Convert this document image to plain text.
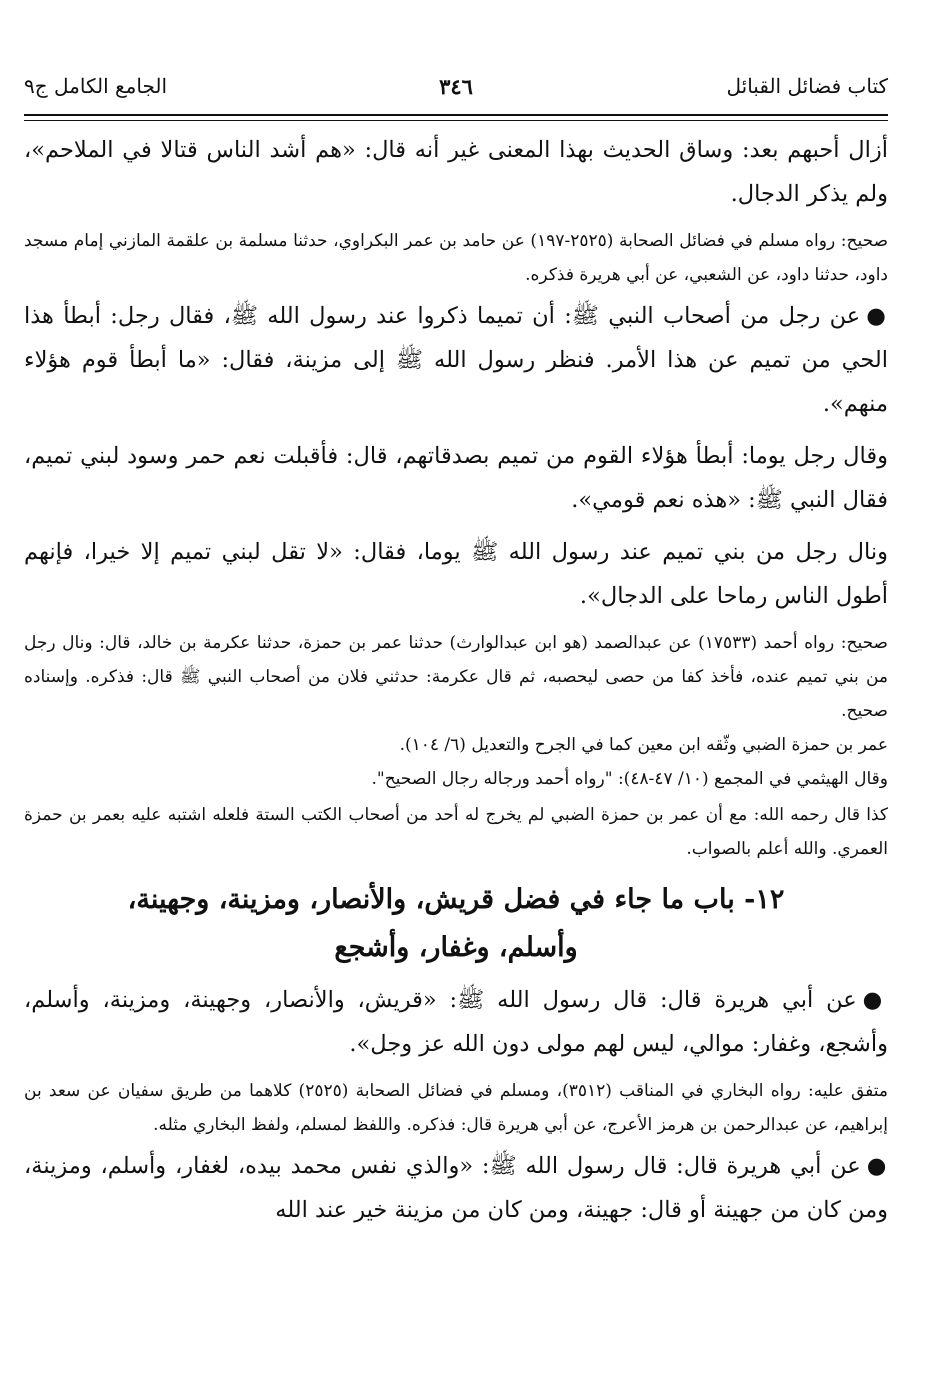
كتاب فضائل القبائل
٣٤٦
الجامع الكامل ج٩

أزال أحبهم بعد: وساق الحديث بهذا المعنى غير أنه قال: «هم أشد الناس قتالا في الملاحم»، ولم يذكر الدجال.

صحيح: رواه مسلم في فضائل الصحابة (٢٥٢٥-١٩٧) عن حامد بن عمر البكراوي، حدثنا مسلمة بن علقمة المازني إمام مسجد داود، حدثنا داود، عن الشعبي، عن أبي هريرة فذكره.

●عن رجل من أصحاب النبي ﷺ: أن تميما ذكروا عند رسول الله ﷺ، فقال رجل: أبطأ هذا الحي من تميم عن هذا الأمر. فنظر رسول الله ﷺ إلى مزينة، فقال: «ما أبطأ قوم هؤلاء منهم».

وقال رجل يوما: أبطأ هؤلاء القوم من تميم بصدقاتهم، قال: فأقبلت نعم حمر وسود لبني تميم، فقال النبي ﷺ: «هذه نعم قومي».

ونال رجل من بني تميم عند رسول الله ﷺ يوما، فقال: «لا تقل لبني تميم إلا خيرا، فإنهم أطول الناس رماحا على الدجال».

صحيح: رواه أحمد (١٧٥٣٣) عن عبدالصمد (هو ابن عبدالوارث) حدثنا عمر بن حمزة، حدثنا عكرمة بن خالد، قال: ونال رجل من بني تميم عنده، فأخذ كفا من حصى ليحصبه، ثم قال عكرمة: حدثني فلان من أصحاب النبي ﷺ قال: فذكره. وإسناده صحيح.

عمر بن حمزة الضبي وثّقه ابن معين كما في الجرح والتعديل (٦/ ١٠٤).

وقال الهيثمي في المجمع (١٠/ ٤٧-٤٨): "رواه أحمد ورجاله رجال الصحيح".

كذا قال رحمه الله: مع أن عمر بن حمزة الضبي لم يخرج له أحد من أصحاب الكتب الستة فلعله اشتبه عليه بعمر بن حمزة العمري. والله أعلم بالصواب.

١٢- باب ما جاء في فضل قريش، والأنصار، ومزينة، وجهينة،
وأسلم، وغفار، وأشجع

●عن أبي هريرة قال: قال رسول الله ﷺ: «قريش، والأنصار، وجهينة، ومزينة، وأسلم، وأشجع، وغفار: موالي، ليس لهم مولى دون الله عز وجل».

متفق عليه: رواه البخاري في المناقب (٣٥١٢)، ومسلم في فضائل الصحابة (٢٥٢٥) كلاهما من طريق سفيان عن سعد بن إبراهيم، عن عبدالرحمن بن هرمز الأعرج، عن أبي هريرة قال: فذكره. واللفظ لمسلم، ولفظ البخاري مثله.

●عن أبي هريرة قال: قال رسول الله ﷺ: «والذي نفس محمد بيده، لغفار، وأسلم، ومزينة، ومن كان من جهينة أو قال: جهينة، ومن كان من مزينة خير عند الله
